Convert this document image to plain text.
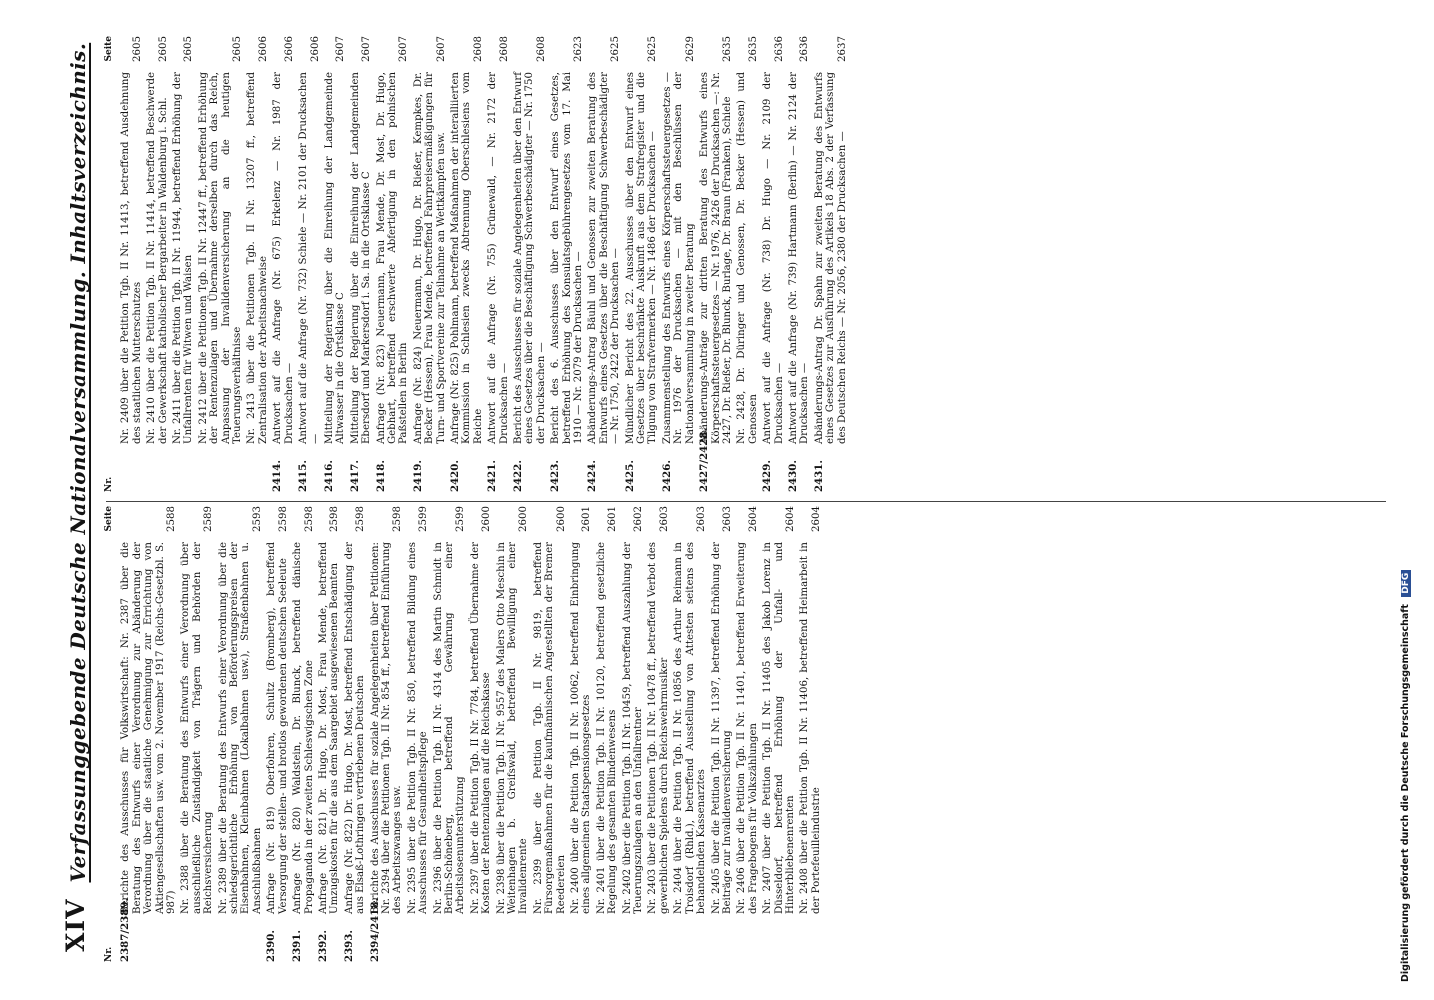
XIV
Verfassunggebende Deutsche Nationalversammlung. Inhaltsverzeichnis.
Nr.
Seite
2387/2389.
Berichte des Ausschusses für Volkswirtschaft: Nr. 2387 über die Beratung des Entwurfs einer Verordnung zur Abänderung der Verordnung über die staatliche Genehmigung zur Errichtung von Aktiengesellschaften usw. vom 2. November 1917 (Reichs-Gesetzbl. S. 987)
2588
Nr. 2388 über die Beratung des Entwurfs einer Verordnung über ausschließliche Zuständigkeit von Trägern und Behörden der Reichsversicherung
2589
Nr. 2389 über die Beratung des Entwurfs einer Verordnung über die schiedsgerichtliche Erhöhung von Beförderungspreisen der Eisenbahnen, Kleinbahnen (Lokalbahnen usw.), Straßenbahnen u. Anschlußbahnen
2593
2390.
Anfrage (Nr. 819) Oberfohren, Schultz (Bromberg), betreffend Versorgung der stellen- und brotlos gewordenen deutschen Seeleute
2598
2391.
Anfrage (Nr. 820) Waldstein, Dr. Blunck, betreffend dänische Propaganda in der zweiten Schleswigschen Zone
2598
2392.
Anfrage (Nr. 821) Dr. Hugo, Dr. Most, Frau Mende, betreffend Umzugskosten für die aus dem Saargebiet ausgewiesenen Beamten
2598
2393.
Anfrage (Nr. 822) Dr. Hugo, Dr. Most, betreffend Entschädigung der aus Elsaß-Lothringen vertriebenen Deutschen
2598
2394/2418.
Berichte des Ausschusses für soziale Angelegenheiten über Petitionen: Nr. 2394 über die Petitionen Tgb. II Nr. 854 ff., betreffend Einführung des Arbeitszwanges usw.
2598
Nr. 2395 über die Petition Tgb. II Nr. 850, betreffend Bildung eines Ausschusses für Gesundheitspflege
2599
Nr. 2396 über die Petition Tgb. II Nr. 4314 des Martin Schmidt in Berlin-Schöneberg, betreffend Gewährung einer Arbeitslosenunterstützung
2599
Nr. 2397 über die Petition Tgb. II Nr. 7784, betreffend Übernahme der Kosten der Rentenzulagen auf die Reichskasse
2600
Nr. 2398 über die Petition Tgb. II Nr. 9557 des Malers Otto Meschin in Weitenhagen b. Greifswald, betreffend Bewilligung einer Invalidenrente
2600
Nr. 2399 über die Petition Tgb. II Nr. 9819, betreffend Fürsorgemaßnahmen für die kaufmännischen Angestellten der Bremer Reedereien
2600
Nr. 2400 über die Petition Tgb. II Nr. 10062, betreffend Einbringung eines allgemeinen Staatspensionsgesetzes
2601
Nr. 2401 über die Petition Tgb. II Nr. 10120, betreffend gesetzliche Regelung des gesamten Blindenwesens
2601
Nr. 2402 über die Petition Tgb. II Nr. 10459, betreffend Auszahlung der Teuerungszulagen an den Unfallrentner
2602
Nr. 2403 über die Petitionen Tgb. II Nr. 10478 ff., betreffend Verbot des gewerblichen Spielens durch Reichswehrmusiker
2603
Nr. 2404 über die Petition Tgb. II Nr. 10856 des Arthur Reimann in Troisdorf (Rhld.), betreffend Ausstellung von Attesten seitens des behandelnden Kassenarztes
2603
Nr. 2405 über die Petition Tgb. II Nr. 11397, betreffend Erhöhung der Beiträge zur Invalidenversicherung
2603
Nr. 2406 über die Petition Tgb. II Nr. 11401, betreffend Erweiterung des Fragebogens für Volkszählungen
2604
Nr. 2407 über die Petition Tgb. II Nr. 11405 des Jakob Lorenz in Düsseldorf, betreffend Erhöhung der Unfall- und Hinterbliebenenrenten
2604
Nr. 2408 über die Petition Tgb. II Nr. 11406, betreffend Heimarbeit in der Portefeuilleindustrie
2604
Nr.
Seite
Nr. 2409 über die Petition Tgb. II Nr. 11413, betreffend Ausdehnung des staatlichen Mutterschutzes
2605
Nr. 2410 über die Petition Tgb. II Nr. 11414, betreffend Beschwerde der Gewerkschaft katholischer Bergarbeiter in Waldenburg i. Schl.
2605
Nr. 2411 über die Petition Tgb. II Nr. 11944, betreffend Erhöhung der Unfallrenten für Witwen und Waisen
2605
Nr. 2412 über die Petitionen Tgb. II Nr. 12447 ff., betreffend Erhöhung der Rentenzulagen und Übernahme derselben durch das Reich, Anpassung der Invalidenversicherung an die heutigen Teuerungsverhältnisse
2605
Nr. 2413 über die Petitionen Tgb. II Nr. 13207 ff., betreffend Zentralisation der Arbeitsnachweise
2606
2414.
Antwort auf die Anfrage (Nr. 675) Erkelenz — Nr. 1987 der Drucksachen —
2606
2415.
Antwort auf die Anfrage (Nr. 732) Schiele — Nr. 2101 der Drucksachen —
2606
2416.
Mitteilung der Regierung über die Einreihung der Landgemeinde Altwasser in die Ortsklasse C
2607
2417.
Mitteilung der Regierung über die Einreihung der Landgemeinden Ebersdorf und Markersdorf i. Sa. in die Ortsklasse C
2607
2418.
Anfrage (Nr. 823) Neuermann, Frau Mende, Dr. Most, Dr. Hugo, Gebhart, betreffend erschwerte Abfertigung in den polnischen Paßstellen in Berlin
2607
2419.
Anfrage (Nr. 824) Neuermann, Dr. Hugo, Dr. Rießer, Kempkes, Dr. Becker (Hessen), Frau Mende, betreffend Fahrpreisermäßigungen für Turn- und Sportvereine zur Teilnahme an Wettkämpfen usw.
2607
2420.
Anfrage (Nr. 825) Pohlmann, betreffend Maßnahmen der interalliierten Kommission in Schlesien zwecks Abtrennung Oberschlesiens vom Reiche
2608
2421.
Antwort auf die Anfrage (Nr. 755) Grünewald, — Nr. 2172 der Drucksachen —
2608
2422.
Bericht des Ausschusses für soziale Angelegenheiten über den Entwurf eines Gesetzes über die Beschäftigung Schwerbeschädigter — Nr. 1750 der Drucksachen —
2608
2423.
Bericht des 6. Ausschusses über den Entwurf eines Gesetzes, betreffend Erhöhung des Konsulatsgebührengesetzes vom 17. Mai 1910 — Nr. 2079 der Drucksachen —
2623
2424.
Abänderungs-Antrag Bäuhl und Genossen zur zweiten Beratung des Entwurfs eines Gesetzes über die Beschäftigung Schwerbeschädigter — Nr. 1750, 2422 der Drucksachen —
2625
2425.
Mündlicher Bericht des 22. Ausschusses über den Entwurf eines Gesetzes über beschränkte Auskunft aus dem Strafregister und die Tilgung von Strafvermerken — Nr. 1486 der Drucksachen —
2625
2426.
Zusammenstellung des Entwurfs eines Körperschaftssteuergesetzes — Nr. 1976 der Drucksachen — mit den Beschlüssen der Nationalversammlung in zweiter Beratung
2629
2427/2428.
Abänderungs-Anträge zur dritten Beratung des Entwurfs eines Körperschaftssteuergesetzes — Nr. 1976, 2426 der Drucksachen —: Nr. 2427, Dr. Rießer, Dr. Blunck, Burlage, Dr. Braun (Franken), Schiele
2635
Nr. 2428, Dr. Düringer und Genossen, Dr. Becker (Hessen) und Genossen
2635
2429.
Antwort auf die Anfrage (Nr. 738) Dr. Hugo — Nr. 2109 der Drucksachen —
2636
2430.
Antwort auf die Anfrage (Nr. 739) Hartmann (Berlin) — Nr. 2124 der Drucksachen —
2636
2431.
Abänderungs-Antrag Dr. Spahn zur zweiten Beratung des Entwurfs eines Gesetzes zur Ausführung des Artikels 18 Abs. 2 der Verfassung des Deutschen Reichs — Nr. 2056, 2380 der Drucksachen —
2637
Digitalisierung gefördert durch die Deutsche Forschungsgemeinschaft DFG
